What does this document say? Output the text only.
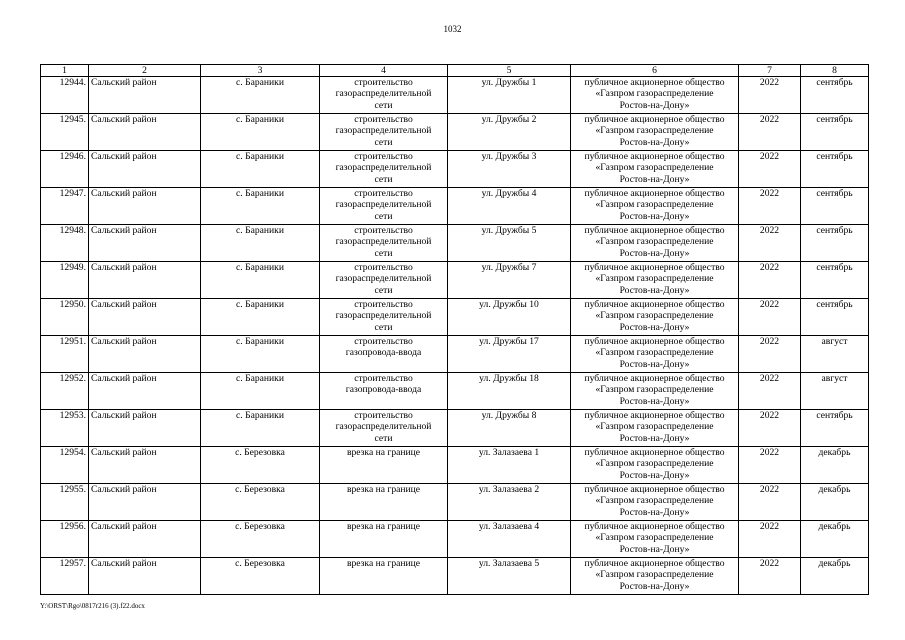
1032
1	2	3	4	5	6	7	8
12944.	Сальский район	с. Бараники	строительство
газораспределительной
сети	ул. Дружбы 1	публичное акционерное общество
«Газпром газораспределение
Ростов-на-Дону»	2022	сентябрь
12945.	Сальский район	с. Бараники	строительство
газораспределительной
сети	ул. Дружбы 2	публичное акционерное общество
«Газпром газораспределение
Ростов-на-Дону»	2022	сентябрь
12946.	Сальский район	с. Бараники	строительство
газораспределительной
сети	ул. Дружбы 3	публичное акционерное общество
«Газпром газораспределение
Ростов-на-Дону»	2022	сентябрь
12947.	Сальский район	с. Бараники	строительство
газораспределительной
сети	ул. Дружбы 4	публичное акционерное общество
«Газпром газораспределение
Ростов-на-Дону»	2022	сентябрь
12948.	Сальский район	с. Бараники	строительство
газораспределительной
сети	ул. Дружбы 5	публичное акционерное общество
«Газпром газораспределение
Ростов-на-Дону»	2022	сентябрь
12949.	Сальский район	с. Бараники	строительство
газораспределительной
сети	ул. Дружбы 7	публичное акционерное общество
«Газпром газораспределение
Ростов-на-Дону»	2022	сентябрь
12950.	Сальский район	с. Бараники	строительство
газораспределительной
сети	ул. Дружбы 10	публичное акционерное общество
«Газпром газораспределение
Ростов-на-Дону»	2022	сентябрь
12951.	Сальский район	с. Бараники	строительство
газопровода-ввода	ул. Дружбы 17	публичное акционерное общество
«Газпром газораспределение
Ростов-на-Дону»	2022	август
12952.	Сальский район	с. Бараники	строительство
газопровода-ввода	ул. Дружбы 18	публичное акционерное общество
«Газпром газораспределение
Ростов-на-Дону»	2022	август
12953.	Сальский район	с. Бараники	строительство
газораспределительной
сети	ул. Дружбы 8	публичное акционерное общество
«Газпром газораспределение
Ростов-на-Дону»	2022	сентябрь
12954.	Сальский район	с. Березовка	врезка на границе	ул. Залазаева 1	публичное акционерное общество
«Газпром газораспределение
Ростов-на-Дону»	2022	декабрь
12955.	Сальский район	с. Березовка	врезка на границе	ул. Залазаева 2	публичное акционерное общество
«Газпром газораспределение
Ростов-на-Дону»	2022	декабрь
12956.	Сальский район	с. Березовка	врезка на границе	ул. Залазаева 4	публичное акционерное общество
«Газпром газораспределение
Ростов-на-Дону»	2022	декабрь
12957.	Сальский район	с. Березовка	врезка на границе	ул. Залазаева 5	публичное акционерное общество
«Газпром газораспределение
Ростов-на-Дону»	2022	декабрь
Y:\ORST\Rgo\0817r216 (3).f22.docx
